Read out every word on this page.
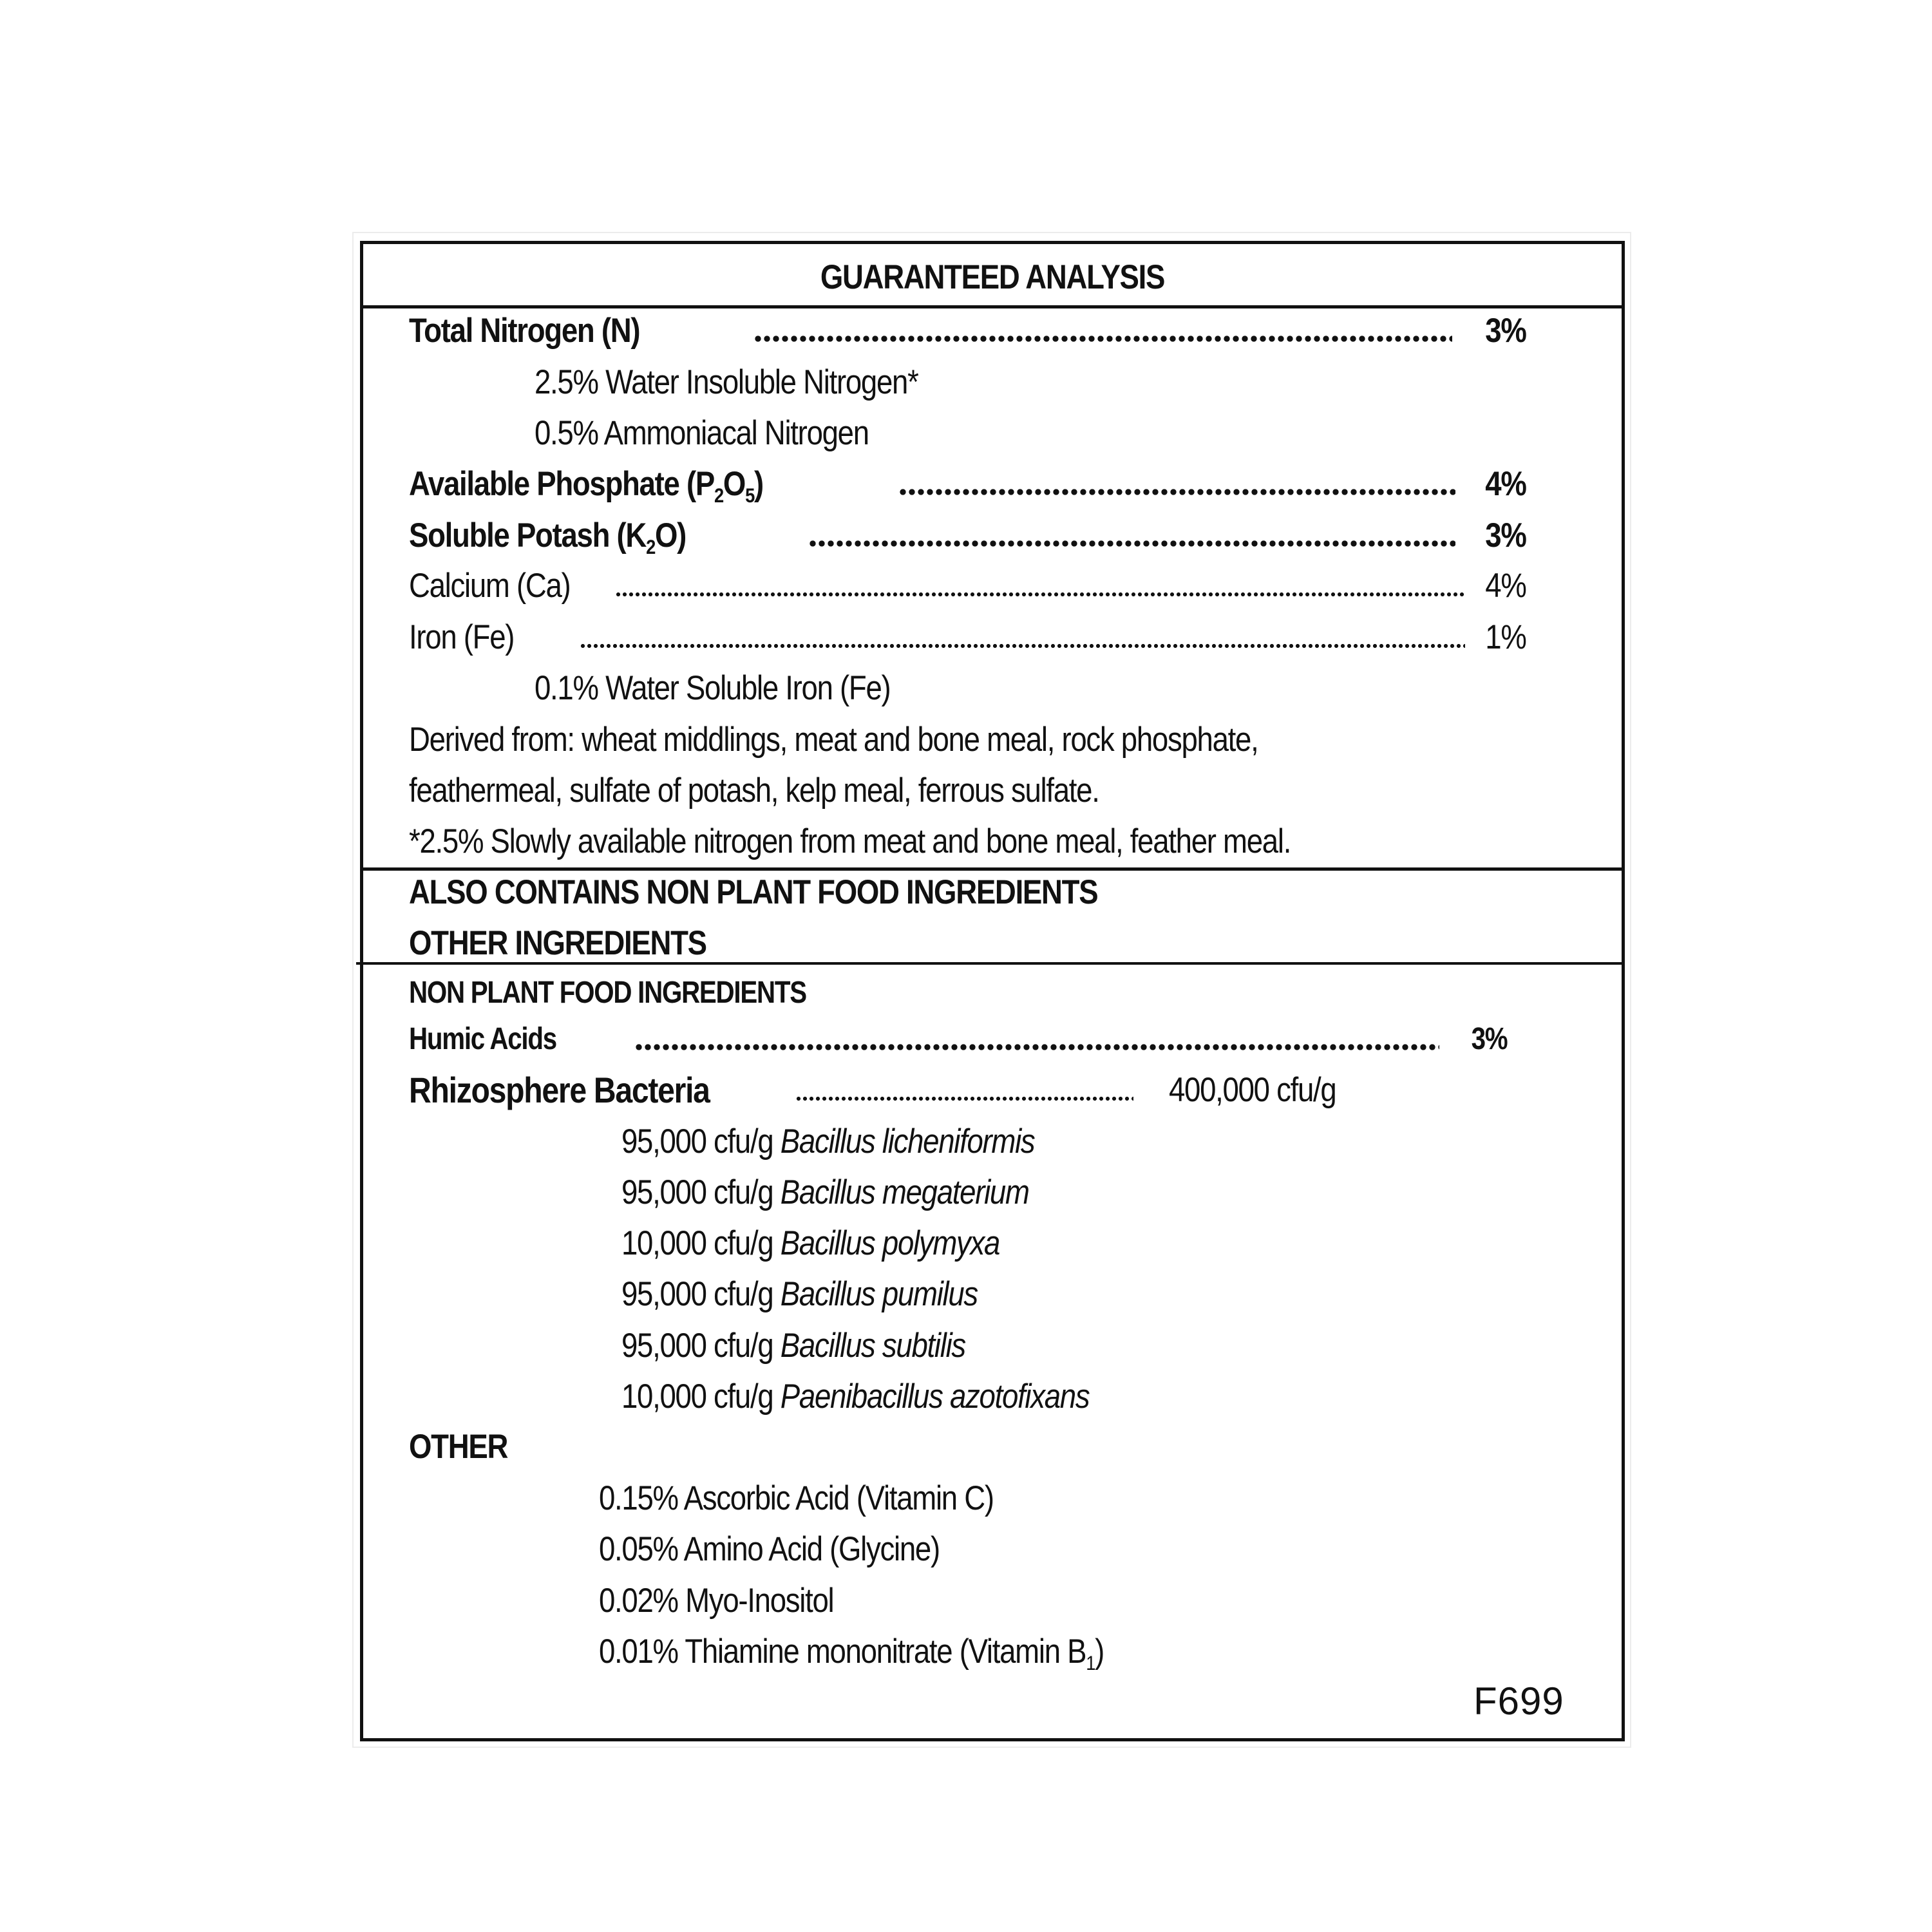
GUARANTEED ANALYSIS
Total Nitrogen (N)	3%
2.5% Water Insoluble Nitrogen*
0.5% Ammoniacal Nitrogen
Available Phosphate $(P_2O_5)$	4%
Soluble Potash $(K_2O)$	3%
Calcium (Ca)	4%
Iron (Fe)	1%
0.1% Water Soluble Iron (Fe)
Derived from: wheat middlings, meat and bone meal, rock phosphate,
feathermeal, sulfate of potash, kelp meal, ferrous sulfate.
*2.5% Slowly available nitrogen from meat and bone meal, feather meal.
ALSO CONTAINS NON PLANT FOOD INGREDIENTS
OTHER INGREDIENTS
NON PLANT FOOD INGREDIENTS
Humic Acids	3%
Rhizosphere Bacteria	400,000 cfu/g
95,000 cfu/g Bacillus licheniformis
95,000 cfu/g Bacillus megaterium
10,000 cfu/g Bacillus polymyxa
95,000 cfu/g Bacillus pumilus
95,000 cfu/g Bacillus subtilis
10,000 cfu/g Paenibacillus azotofixans
OTHER
0.15% Ascorbic Acid (Vitamin C)
0.05% Amino Acid (Glycine)
0.02% Myo-Inositol
0.01% Thiamine mononitrate (Vitamin $B_1$)
F699
